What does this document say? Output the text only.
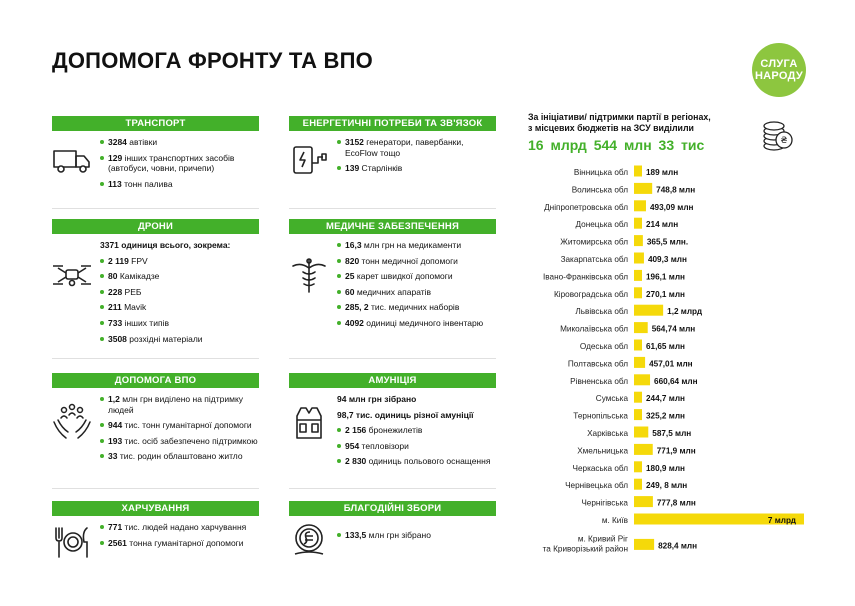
ДОПОМОГА ФРОНТУ ТА ВПО	СЛУГА
НАРОДУ
ТРАНСПОРТ
3284 автівки
129 інших транспортних засобів (автобуси, човни, причепи)
113 тонн палива
ЕНЕРГЕТИЧНІ ПОТРЕБИ ТА ЗВ'ЯЗОК
3152 генератори, павербанки, EcoFlow тощо
139 Старлінків
ДРОНИ
3371 одиниця всього, зокрема:
2 119 FPV
80 Камікадзе
228 РЕБ
211 Mavik
733 інших типів
3508 розхідні матеріали
МЕДИЧНЕ ЗАБЕЗПЕЧЕННЯ
16,3 млн грн на медикаменти
820 тонн медичної допомоги
25 карет швидкої допомоги
60 медичних апаратів
285, 2 тис. медичних наборів
4092 одиниці медичного інвентарю
ДОПОМОГА ВПО
1,2 млн грн виділено на підтримку людей
944 тис. тонн гуманітарної допомоги
193 тис. осіб забезпечено підтримкою
33 тис. родин облаштовано житло
АМУНІЦІЯ
94 млн грн зібрано
98,7 тис. одиниць різної амуніції
2 156 бронежилетів
954 тепловізори
2 830 одиниць польового оснащення
ХАРЧУВАННЯ
771 тис. людей надано харчування
2561 тонна гуманітарної допомоги
БЛАГОДІЙНІ ЗБОРИ
133,5 млн грн зібрано
За ініціативи/ підтримки партії в регіонах,
з місцевих бюджетів на ЗСУ виділили
16 млрд 544 млн 33 тис	₴
Вінницька обл 189 млн
Волинська обл	748,8 млн
Дніпропетровська обл	493,09 млн
Донецька обл 214 млн
Житомирська обл 365,5 млн.
Закарпатська обл 409,3 млн
Івано-Франківська обл 196,1 млн
Кіровоградська обл 270,1 млн
Львівська обл	1,2 млрд
Миколаївська обл	564,74 млн
Одеська обл 61,65 млн
Полтавська обл	457,01 млн
Рівненська обл	660,64 млн
Сумська 244,7 млн
Тернопільська 325,2 млн
Харківська	587,5 млн
Хмельницька	771,9 млн
Черкаська обл 180,9 млн
Чернівецька обл 249, 8 млн
Чернігівська	777,8 млн
м. Київ	7 млрд
м. Кривий Ріг та Криворізький район	828,4 млн
